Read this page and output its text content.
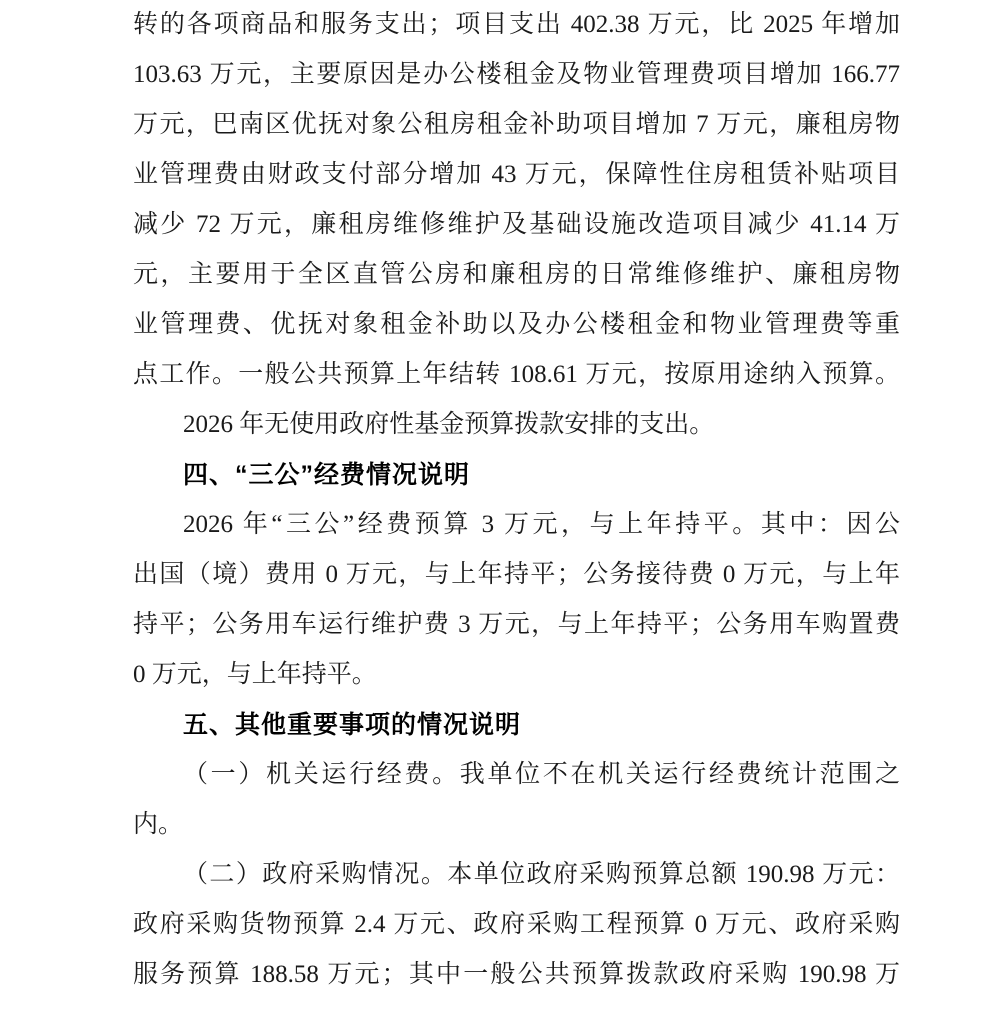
转的各项商品和服务支出；项目支出 402.38 万元，比 2025 年增加
103.63 万元，主要原因是办公楼租金及物业管理费项目增加 166.77
万元，巴南区优抚对象公租房租金补助项目增加 7 万元，廉租房物
业管理费由财政支付部分增加 43 万元，保障性住房租赁补贴项目
减少 72 万元，廉租房维修维护及基础设施改造项目减少 41.14 万
元，主要用于全区直管公房和廉租房的日常维修维护、廉租房物
业管理费、优抚对象租金补助以及办公楼租金和物业管理费等重
点工作。一般公共预算上年结转 108.61 万元，按原用途纳入预算。
2026 年无使用政府性基金预算拨款安排的支出。
四、“三公”经费情况说明
2026 年“三公”经费预算 3 万元，与上年持平。其中：因公
出国（境）费用 0 万元，与上年持平；公务接待费 0 万元，与上年
持平；公务用车运行维护费 3 万元，与上年持平；公务用车购置费
0 万元，与上年持平。
五、其他重要事项的情况说明
（一）机关运行经费。我单位不在机关运行经费统计范围之
内。
（二）政府采购情况。本单位政府采购预算总额 190.98 万元：
政府采购货物预算 2.4 万元、政府采购工程预算 0 万元、政府采购
服务预算 188.58 万元；其中一般公共预算拨款政府采购 190.98 万
